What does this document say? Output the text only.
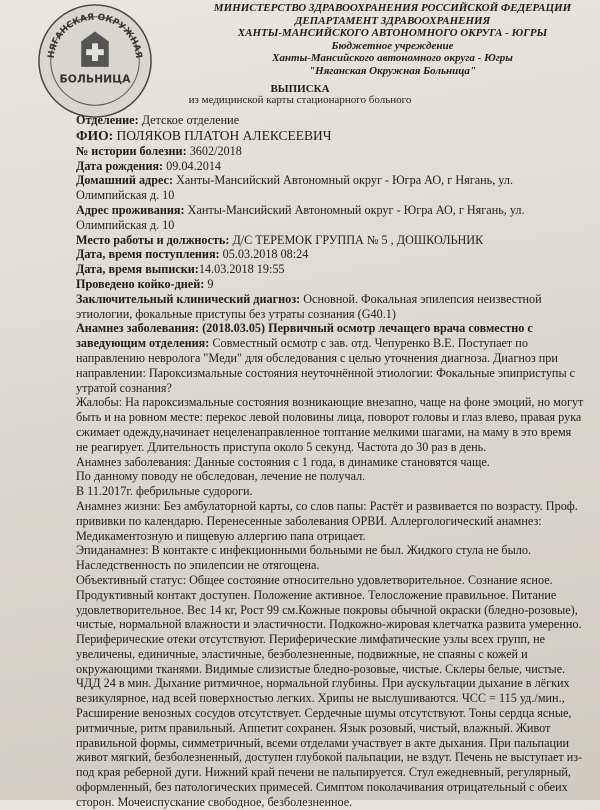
НЯГАНСКАЯ ОКРУЖНАЯ
БОЛЬНИЦА
МИНИСТЕРСТВО ЗДРАВООХРАНЕНИЯ РОССИЙСКОЙ ФЕДЕРАЦИИ
ДЕПАРТАМЕНТ ЗДРАВООХРАНЕНИЯ
ХАНТЫ-МАНСИЙСКОГО АВТОНОМНОГО ОКРУГА - ЮГРЫ
Бюджетное учреждение
Ханты-Мансийского автономного округа - Югры
"Няганская Окружная Больница"
ВЫПИСКА
из медицинской карты стационарного больного

Отделение: Детское отделение

ФИО: ПОЛЯКОВ ПЛАТОН АЛЕКСЕЕВИЧ

№ истории болезни: 3602/2018

Дата рождения: 09.04.2014

Домашний адрес: Ханты-Мансийский Автономный округ - Югра АО, г Нягань, ул. Олимпийская д. 10

Адрес проживания: Ханты-Мансийский Автономный округ - Югра АО, г Нягань, ул. Олимпийская д. 10

Место работы и должность: Д/С ТЕРЕМОК ГРУППА № 5 , ДОШКОЛЬНИК

Дата, время поступления: 05.03.2018 08:24

Дата, время выписки:14.03.2018 19:55

Проведено койко-дней: 9

Заключительный клинический диагноз: Основной. Фокальная эпилепсия неизвестной этиологии, фокальные приступы без утраты сознания (G40.1)

Анамнез заболевания: (2018.03.05) Первичный осмотр лечащего врача совместно с заведующим отделения: Совместный осмотр с зав. отд. Чепуренко В.Е. Поступает по направлению невролога "Меди" для обследования с целью уточнения диагноза. Диагноз при направлении: Пароксизмальные состояния неуточнённой этиологии: Фокальные эпиприступы с утратой сознания?

Жалобы: На пароксизмальные состояния возникающие внезапно, чаще на фоне эмоций, но могут быть и на ровном месте: перекос левой половины лица, поворот головы и глаз влево, правая рука сжимает одежду,начинает нецеленаправленное топтание мелкими шагами, на маму в это время не реагирует. Длительность приступа около 5 секунд. Частота до 30 раз в день.

Анамнез заболевания: Данные состояния с 1 года, в динамике становятся чаще.

По данному поводу не обследован, лечение не получал.

В 11.2017г. фебрильные судороги.

Анамнез жизни: Без амбулаторной карты, со слов папы: Растёт и развивается по возрасту. Проф. прививки по календарю. Перенесенные заболевания ОРВИ. Аллергологический анамнез: Медикаментозную и пищевую аллергию папа отрицает.

Эпиданамнез: В контакте с инфекционными больными не был. Жидкого стула не было.

Наследственность по эпилепсии не отягощена.

Объективный статус: Общее состояние относительно удовлетворительное. Сознание ясное. Продуктивный контакт доступен. Положение активное. Телосложение правильное. Питание удовлетворительное. Вес 14 кг, Рост 99 см.Кожные покровы обычной окраски (бледно-розовые), чистые, нормальной влажности и эластичности. Подкожно-жировая клетчатка развита умеренно. Периферические отеки отсутствуют. Периферические лимфатические узлы всех групп, не увеличены, единичные, эластичные, безболезненные, подвижные, не спаяны с кожей и окружающими тканями. Видимые слизистые бледно-розовые, чистые. Склеры белые, чистые. ЧДД 24 в мин. Дыхание ритмичное, нормальной глубины. При аускультации дыхание в лёгких везикулярное, над всей поверхностью легких. Хрипы не выслушиваются. ЧСС = 115 уд./мин., Расширение венозных сосудов отсутствует. Сердечные шумы отсутствуют. Тоны сердца ясные, ритмичные, ритм правильный. Аппетит сохранен. Язык розовый, чистый, влажный. Живот правильной формы, симметричный, всеми отделами участвует в акте дыхания. При пальпации живот мягкий, безболезненный, доступен глубокой пальпации, не вздут. Печень не выступает из-под края реберной дуги. Нижний край печени не пальпируется. Стул ежедневный, регулярный, оформленный, без патологических примесей. Симптом поколачивания отрицательный с обеих сторон. Мочеиспускание свободное, безболезненное.
